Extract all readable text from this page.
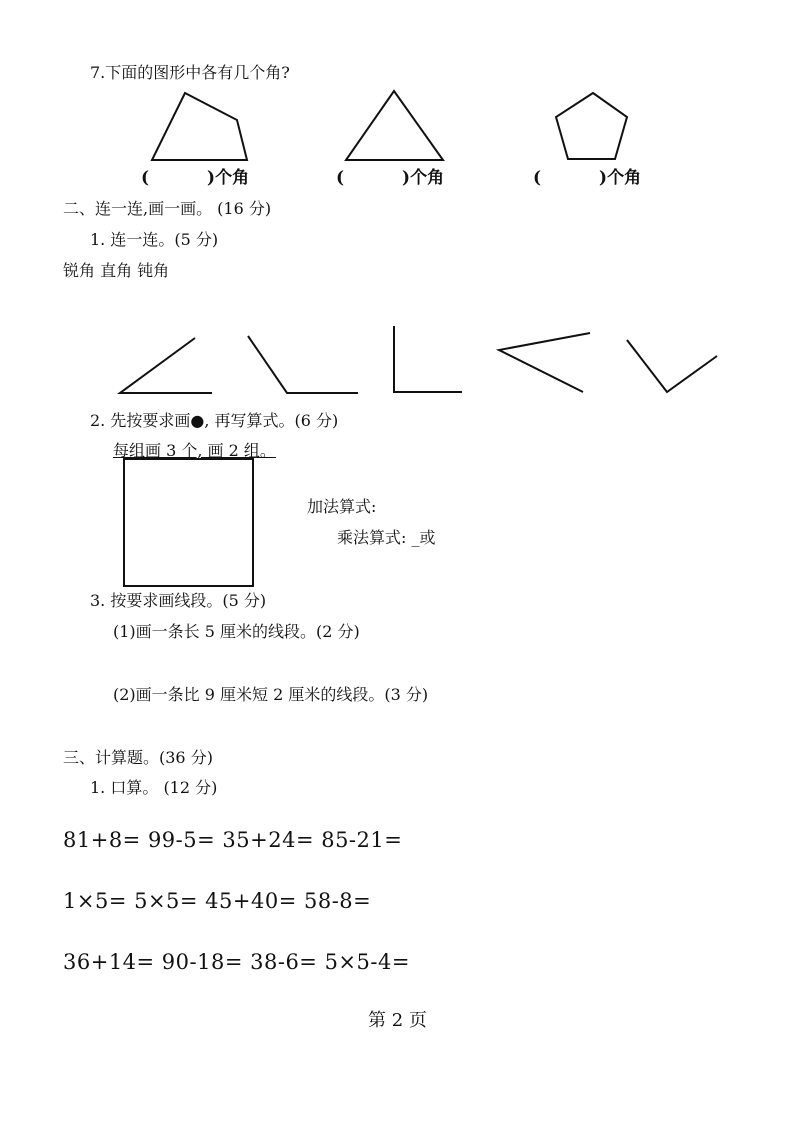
7.下面的图形中各有几个角?
(	)个角	(	)个角	(	)个角
二、连一连,画一画。 (16 分)
1. 连一连。(5 分)
锐角 直角 钝角
2. 先按要求画●, 再写算式。(6 分)
每组画 3 个, 画 2 组。
加法算式:
乘法算式: _或
3. 按要求画线段。(5 分)
(1)画一条长 5 厘米的线段。(2 分)
(2)画一条比 9 厘米短 2 厘米的线段。(3 分)
三、计算题。(36 分)
1. 口算。 (12 分)
81+8= 99-5= 35+24= 85-21=
1×5= 5×5= 45+40= 58-8=
36+14= 90-18= 38-6= 5×5-4=
第 2 页
